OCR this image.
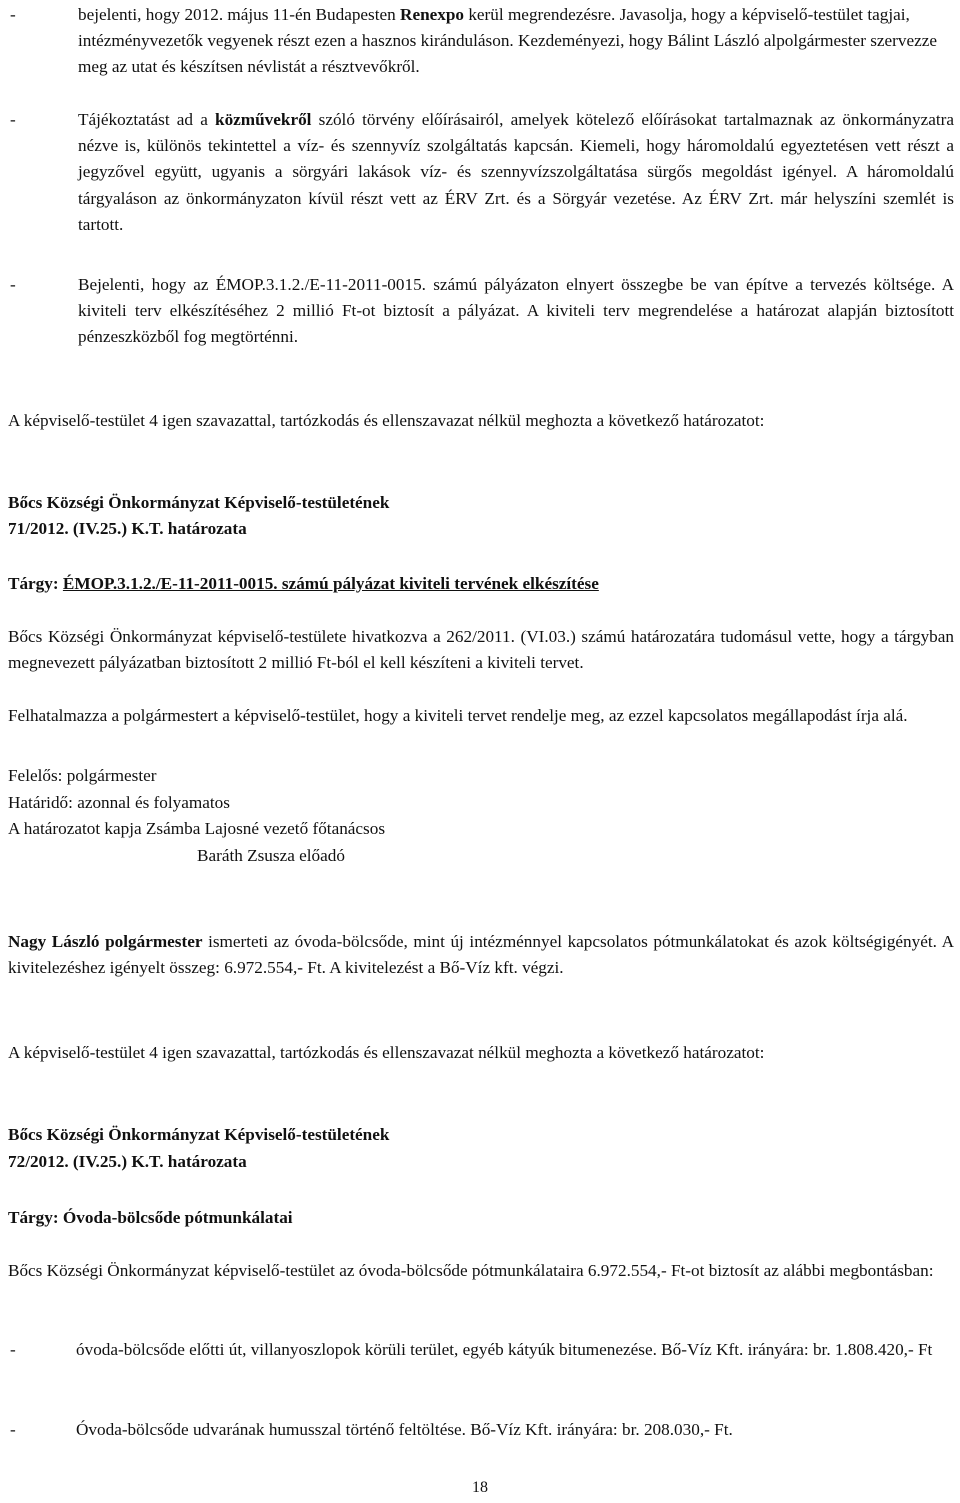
- bejelenti, hogy 2012. május 11-én Budapesten Renexpo kerül megrendezésre. Javasolja, hogy a képviselő-testület tagjai, intézményvezetők vegyenek részt ezen a hasznos kiránduláson. Kezdeményezi, hogy Bálint László alpolgármester szervezze meg az utat és készítsen névlistát a résztvevőkről.
- Tájékoztatást ad a közművekről szóló törvény előírásairól, amelyek kötelező előírásokat tartalmaznak az önkormányzatra nézve is, különös tekintettel a víz- és szennyvíz szolgáltatás kapcsán. Kiemeli, hogy háromoldalú egyeztetésen vett részt a jegyzővel együtt, ugyanis a sörgyári lakások víz- és szennyvízszolgáltatása sürgős megoldást igényel. A háromoldalú tárgyaláson az önkormányzaton kívül részt vett az ÉRV Zrt. és a Sörgyár vezetése. Az ÉRV Zrt. már helyszíni szemlét is tartott.
- Bejelenti, hogy az ÉMOP.3.1.2./E-11-2011-0015. számú pályázaton elnyert összegbe be van építve a tervezés költsége. A kiviteli terv elkészítéséhez 2 millió Ft-ot biztosít a pályázat. A kiviteli terv megrendelése a határozat alapján biztosított pénzeszközből fog megtörténni.
A képviselő-testület 4 igen szavazattal, tartózkodás és ellenszavazat nélkül meghozta a következő határozatot:
Bőcs Községi Önkormányzat Képviselő-testületének
71/2012. (IV.25.) K.T. határozata
Tárgy: ÉMOP.3.1.2./E-11-2011-0015. számú pályázat kiviteli tervének elkészítése
Bőcs Községi Önkormányzat képviselő-testülete hivatkozva a 262/2011. (VI.03.) számú határozatára tudomásul vette, hogy a tárgyban megnevezett pályázatban biztosított 2 millió Ft-ból el kell készíteni a kiviteli tervet.
Felhatalmazza a polgármestert a képviselő-testület, hogy a kiviteli tervet rendelje meg, az ezzel kapcsolatos megállapodást írja alá.
Felelős: polgármester
Határidő: azonnal és folyamatos
A határozatot kapja Zsámba Lajosné vezető főtanácsos
Baráth Zsusza előadó
Nagy László polgármester ismerteti az óvoda-bölcsőde, mint új intézménnyel kapcsolatos pótmunkálatokat és azok költségigényét. A kivitelezéshez igényelt összeg: 6.972.554,- Ft. A kivitelezést a Bő-Víz kft. végzi.
A képviselő-testület 4 igen szavazattal, tartózkodás és ellenszavazat nélkül meghozta a következő határozatot:
Bőcs Községi Önkormányzat Képviselő-testületének
72/2012. (IV.25.) K.T. határozata
Tárgy: Óvoda-bölcsőde pótmunkálatai
Bőcs Községi Önkormányzat képviselő-testület az óvoda-bölcsőde pótmunkálataira 6.972.554,- Ft-ot biztosít az alábbi megbontásban:
- óvoda-bölcsőde előtti út, villanyoszlopok körüli terület, egyéb kátyúk bitumenezése. Bő-Víz Kft. irányára: br. 1.808.420,- Ft
- Óvoda-bölcsőde udvarának humusszal történő feltöltése. Bő-Víz Kft. irányára: br. 208.030,- Ft.
18
